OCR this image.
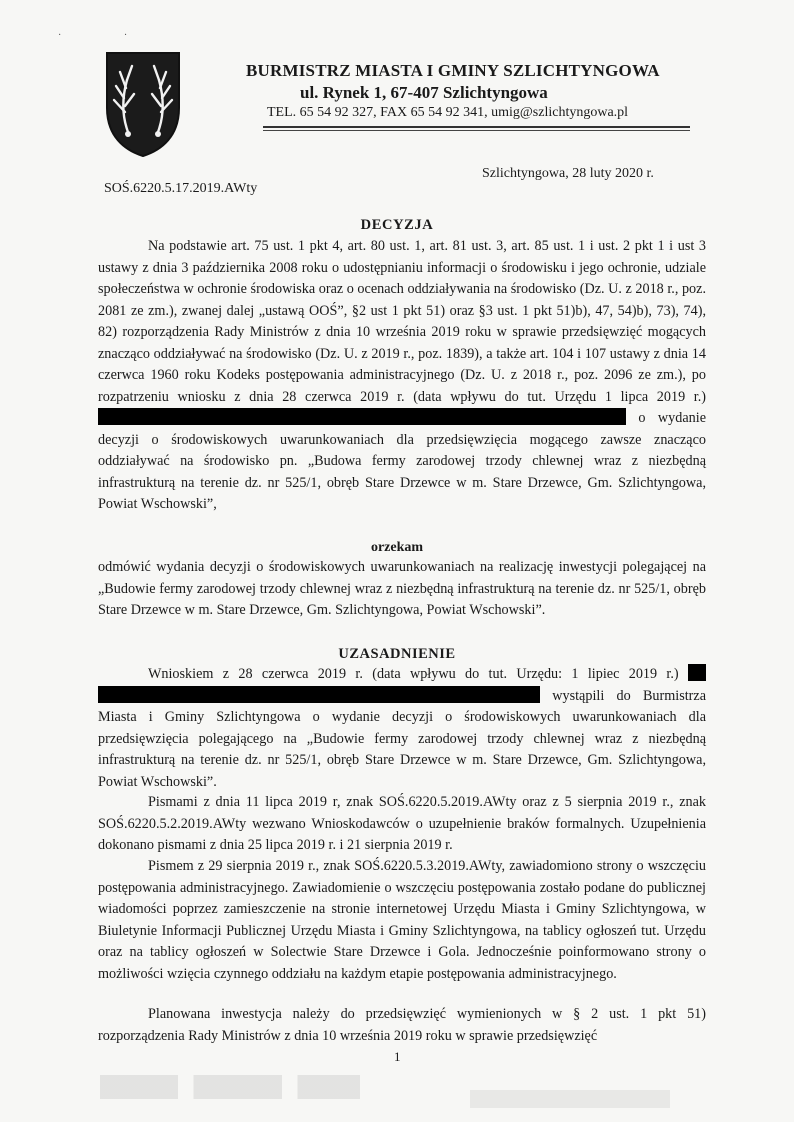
· ·
BURMISTRZ MIASTA I GMINY SZLICHTYNGOWA
ul. Rynek 1, 67-407 Szlichtyngowa
TEL. 65 54 92 327, FAX 65 54 92 341, umig@szlichtyngowa.pl
Szlichtyngowa, 28 luty 2020 r.
SOŚ.6220.5.17.2019.AWty
DECYZJA
Na podstawie art. 75 ust. 1 pkt 4, art. 80 ust. 1, art. 81 ust. 3, art. 85 ust. 1 i ust. 2 pkt 1 i ust 3 ustawy z dnia 3 października 2008 roku o udostępnianiu informacji o środowisku i jego ochronie, udziale społeczeństwa w ochronie środowiska oraz o ocenach oddziaływania na środowisko (Dz. U. z 2018 r., poz. 2081 ze zm.), zwanej dalej „ustawą OOŚ”, §2 ust 1 pkt 51) oraz §3 ust. 1 pkt 51)b), 47, 54)b), 73), 74), 82) rozporządzenia Rady Ministrów z dnia 10 września 2019 roku w sprawie przedsięwzięć mogących znacząco oddziaływać na środowisko (Dz. U. z 2019 r., poz. 1839), a także art. 104 i 107 ustawy z dnia 14 czerwca 1960 roku Kodeks postępowania administracyjnego (Dz. U. z 2018 r., poz. 2096 ze zm.), po rozpatrzeniu wniosku z dnia 28 czerwca 2019 r. (data wpływu do tut. Urzędu 1 lipca 2019 r.)  o wydanie decyzji o środowiskowych uwarunkowaniach dla przedsięwzięcia mogącego zawsze znacząco oddziaływać na środowisko pn. „Budowa fermy zarodowej trzody chlewnej wraz z niezbędną infrastrukturą na terenie dz. nr 525/1, obręb Stare Drzewce w m. Stare Drzewce, Gm. Szlichtyngowa, Powiat Wschowski”,
orzekam
odmówić wydania decyzji o środowiskowych uwarunkowaniach na realizację inwestycji polegającej na „Budowie fermy zarodowej trzody chlewnej wraz z niezbędną infrastrukturą na terenie dz. nr 525/1, obręb Stare Drzewce w m. Stare Drzewce, Gm. Szlichtyngowa, Powiat Wschowski”.
UZASADNIENIE
Wnioskiem z 28 czerwca 2019 r. (data wpływu do tut. Urzędu: 1 lipiec 2019 r.)   wystąpili do Burmistrza Miasta i Gminy Szlichtyngowa o wydanie decyzji o środowiskowych uwarunkowaniach dla przedsięwzięcia polegającego na „Budowie fermy zarodowej trzody chlewnej wraz z niezbędną infrastrukturą na terenie dz. nr 525/1, obręb Stare Drzewce w m. Stare Drzewce, Gm. Szlichtyngowa, Powiat Wschowski”.
Pismami z dnia 11 lipca 2019 r, znak SOŚ.6220.5.2019.AWty oraz z 5 sierpnia 2019 r., znak SOŚ.6220.5.2.2019.AWty wezwano Wnioskodawców o uzupełnienie braków formalnych. Uzupełnienia dokonano pismami z dnia 25 lipca 2019 r. i 21 sierpnia 2019 r.
Pismem z 29 sierpnia 2019 r., znak SOŚ.6220.5.3.2019.AWty, zawiadomiono strony o wszczęciu postępowania administracyjnego. Zawiadomienie o wszczęciu postępowania zostało podane do publicznej wiadomości poprzez zamieszczenie na stronie internetowej Urzędu Miasta i Gminy Szlichtyngowa, w Biuletynie Informacji Publicznej Urzędu Miasta i Gminy Szlichtyngowa, na tablicy ogłoszeń tut. Urzędu oraz na tablicy ogłoszeń w Solectwie Stare Drzewce i Gola. Jednocześnie poinformowano strony o możliwości wzięcia czynnego oddziału na każdym etapie postępowania administracyjnego.
Planowana inwestycja należy do przedsięwzięć wymienionych w § 2 ust. 1 pkt 51) rozporządzenia Rady Ministrów z dnia 10 września 2019 roku w sprawie przedsięwzięć
1
